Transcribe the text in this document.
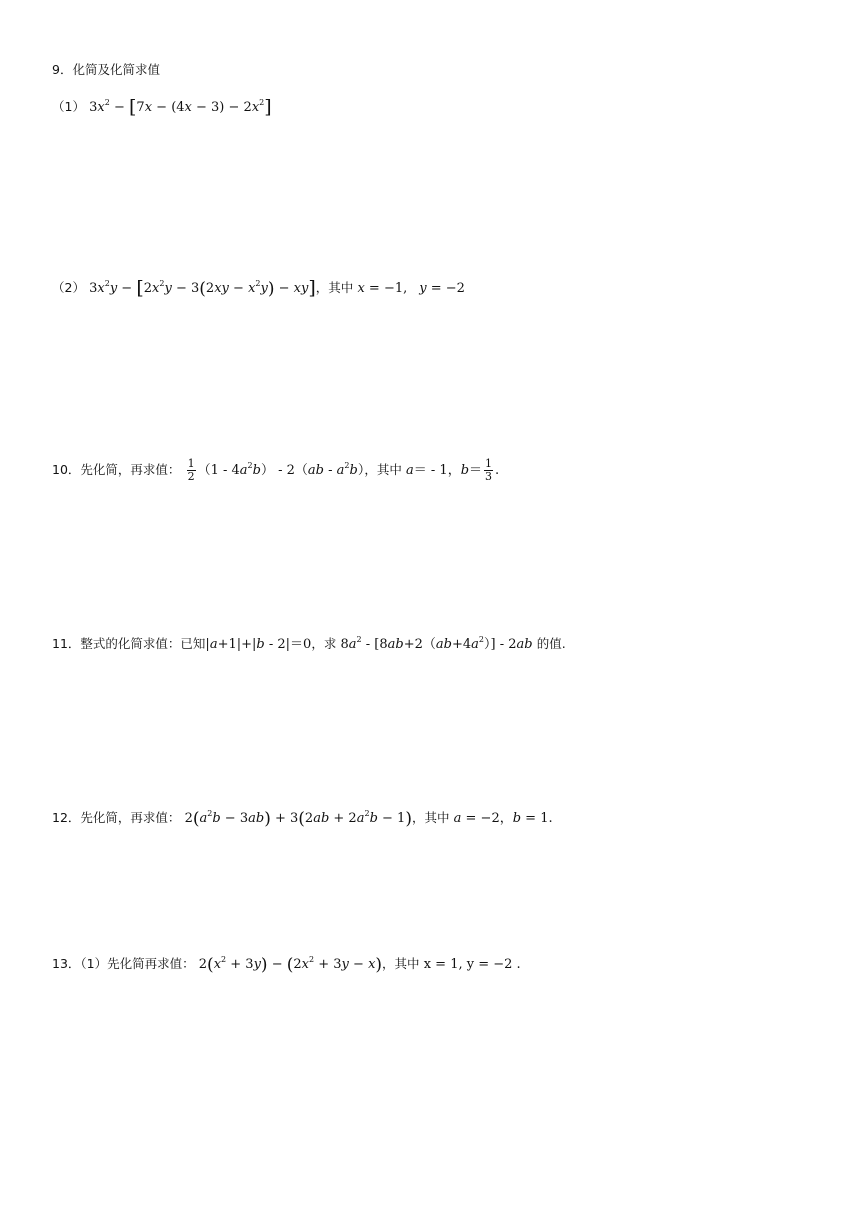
9．化简及化简求值
（1） $3x^2 - [7x - (4x - 3) - 2x^2]$
（2） $3x^2y - [2x^2y - 3(2xy - x^2y) - xy]$，其中 x = −1, y = −2
10．先化简，再求值： $\frac{1}{2} (1 - 4a^2b) - 2(ab - a^2b)$，其中 a＝ - 1，$b= \frac{1}{3}$ .
11．整式的化简求值：已知|a+1|+|b - 2|＝0，求 $8a^2 - [8ab+2(ab+4a^2)] - 2ab$ 的值.
12．先化简，再求值： $2(a^2b - 3ab) + 3(2ab + 2a^2b - 1)$，其中 a = −2，b = 1.
13．（1）先化简再求值： $2(x^2 + 3y) - (2x^2 + 3y - x)$，其中 x = 1, y = −2 .
